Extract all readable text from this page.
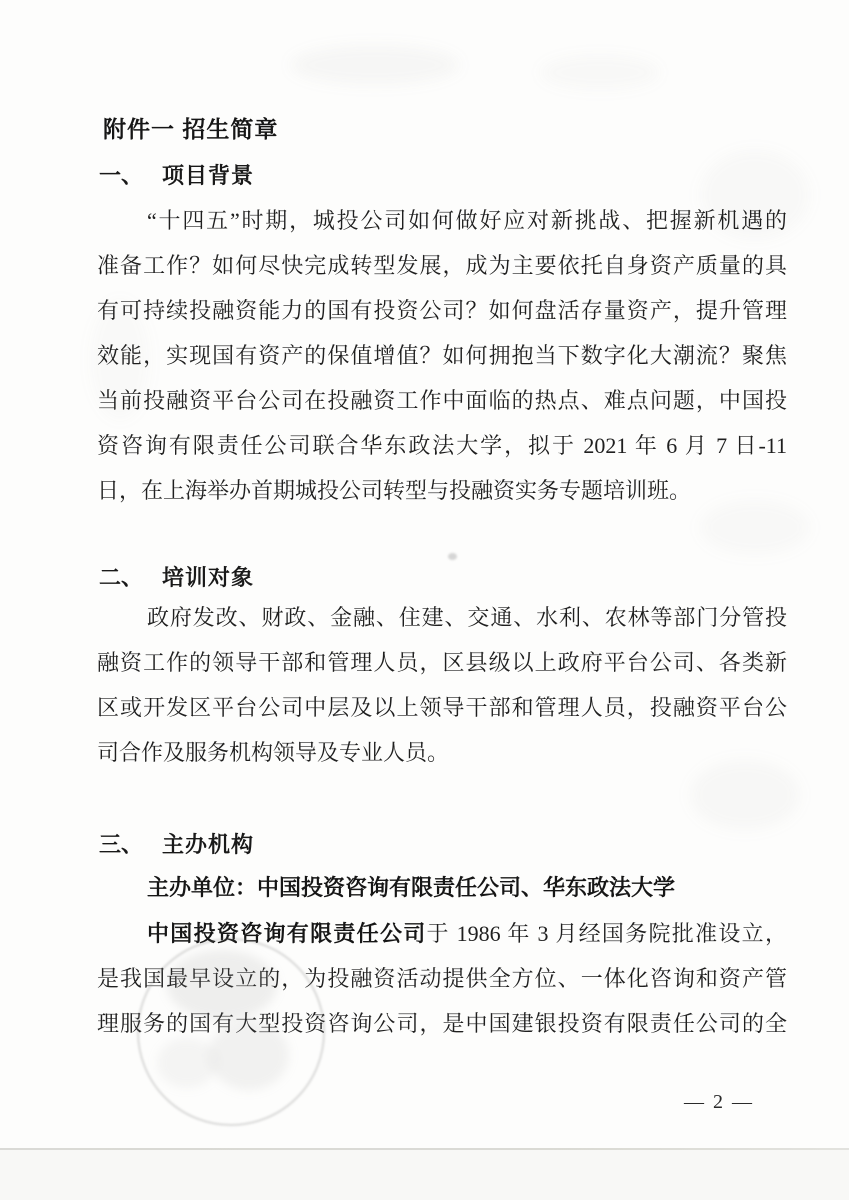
附件一 招生简章
一、 项目背景
“十四五”时期，城投公司如何做好应对新挑战、把握新机遇的
准备工作？如何尽快完成转型发展，成为主要依托自身资产质量的具
有可持续投融资能力的国有投资公司？如何盘活存量资产，提升管理
效能，实现国有资产的保值增值？如何拥抱当下数字化大潮流？聚焦
当前投融资平台公司在投融资工作中面临的热点、难点问题，中国投
资咨询有限责任公司联合华东政法大学，拟于 2021 年 6 月 7 日-11
日，在上海举办首期城投公司转型与投融资实务专题培训班。
二、 培训对象
政府发改、财政、金融、住建、交通、水利、农林等部门分管投
融资工作的领导干部和管理人员，区县级以上政府平台公司、各类新
区或开发区平台公司中层及以上领导干部和管理人员，投融资平台公
司合作及服务机构领导及专业人员。
三、 主办机构
主办单位：中国投资咨询有限责任公司、华东政法大学
中国投资咨询有限责任公司于 1986 年 3 月经国务院批准设立，
是我国最早设立的，为投融资活动提供全方位、一体化咨询和资产管
理服务的国有大型投资咨询公司，是中国建银投资有限责任公司的全
— 2 —
